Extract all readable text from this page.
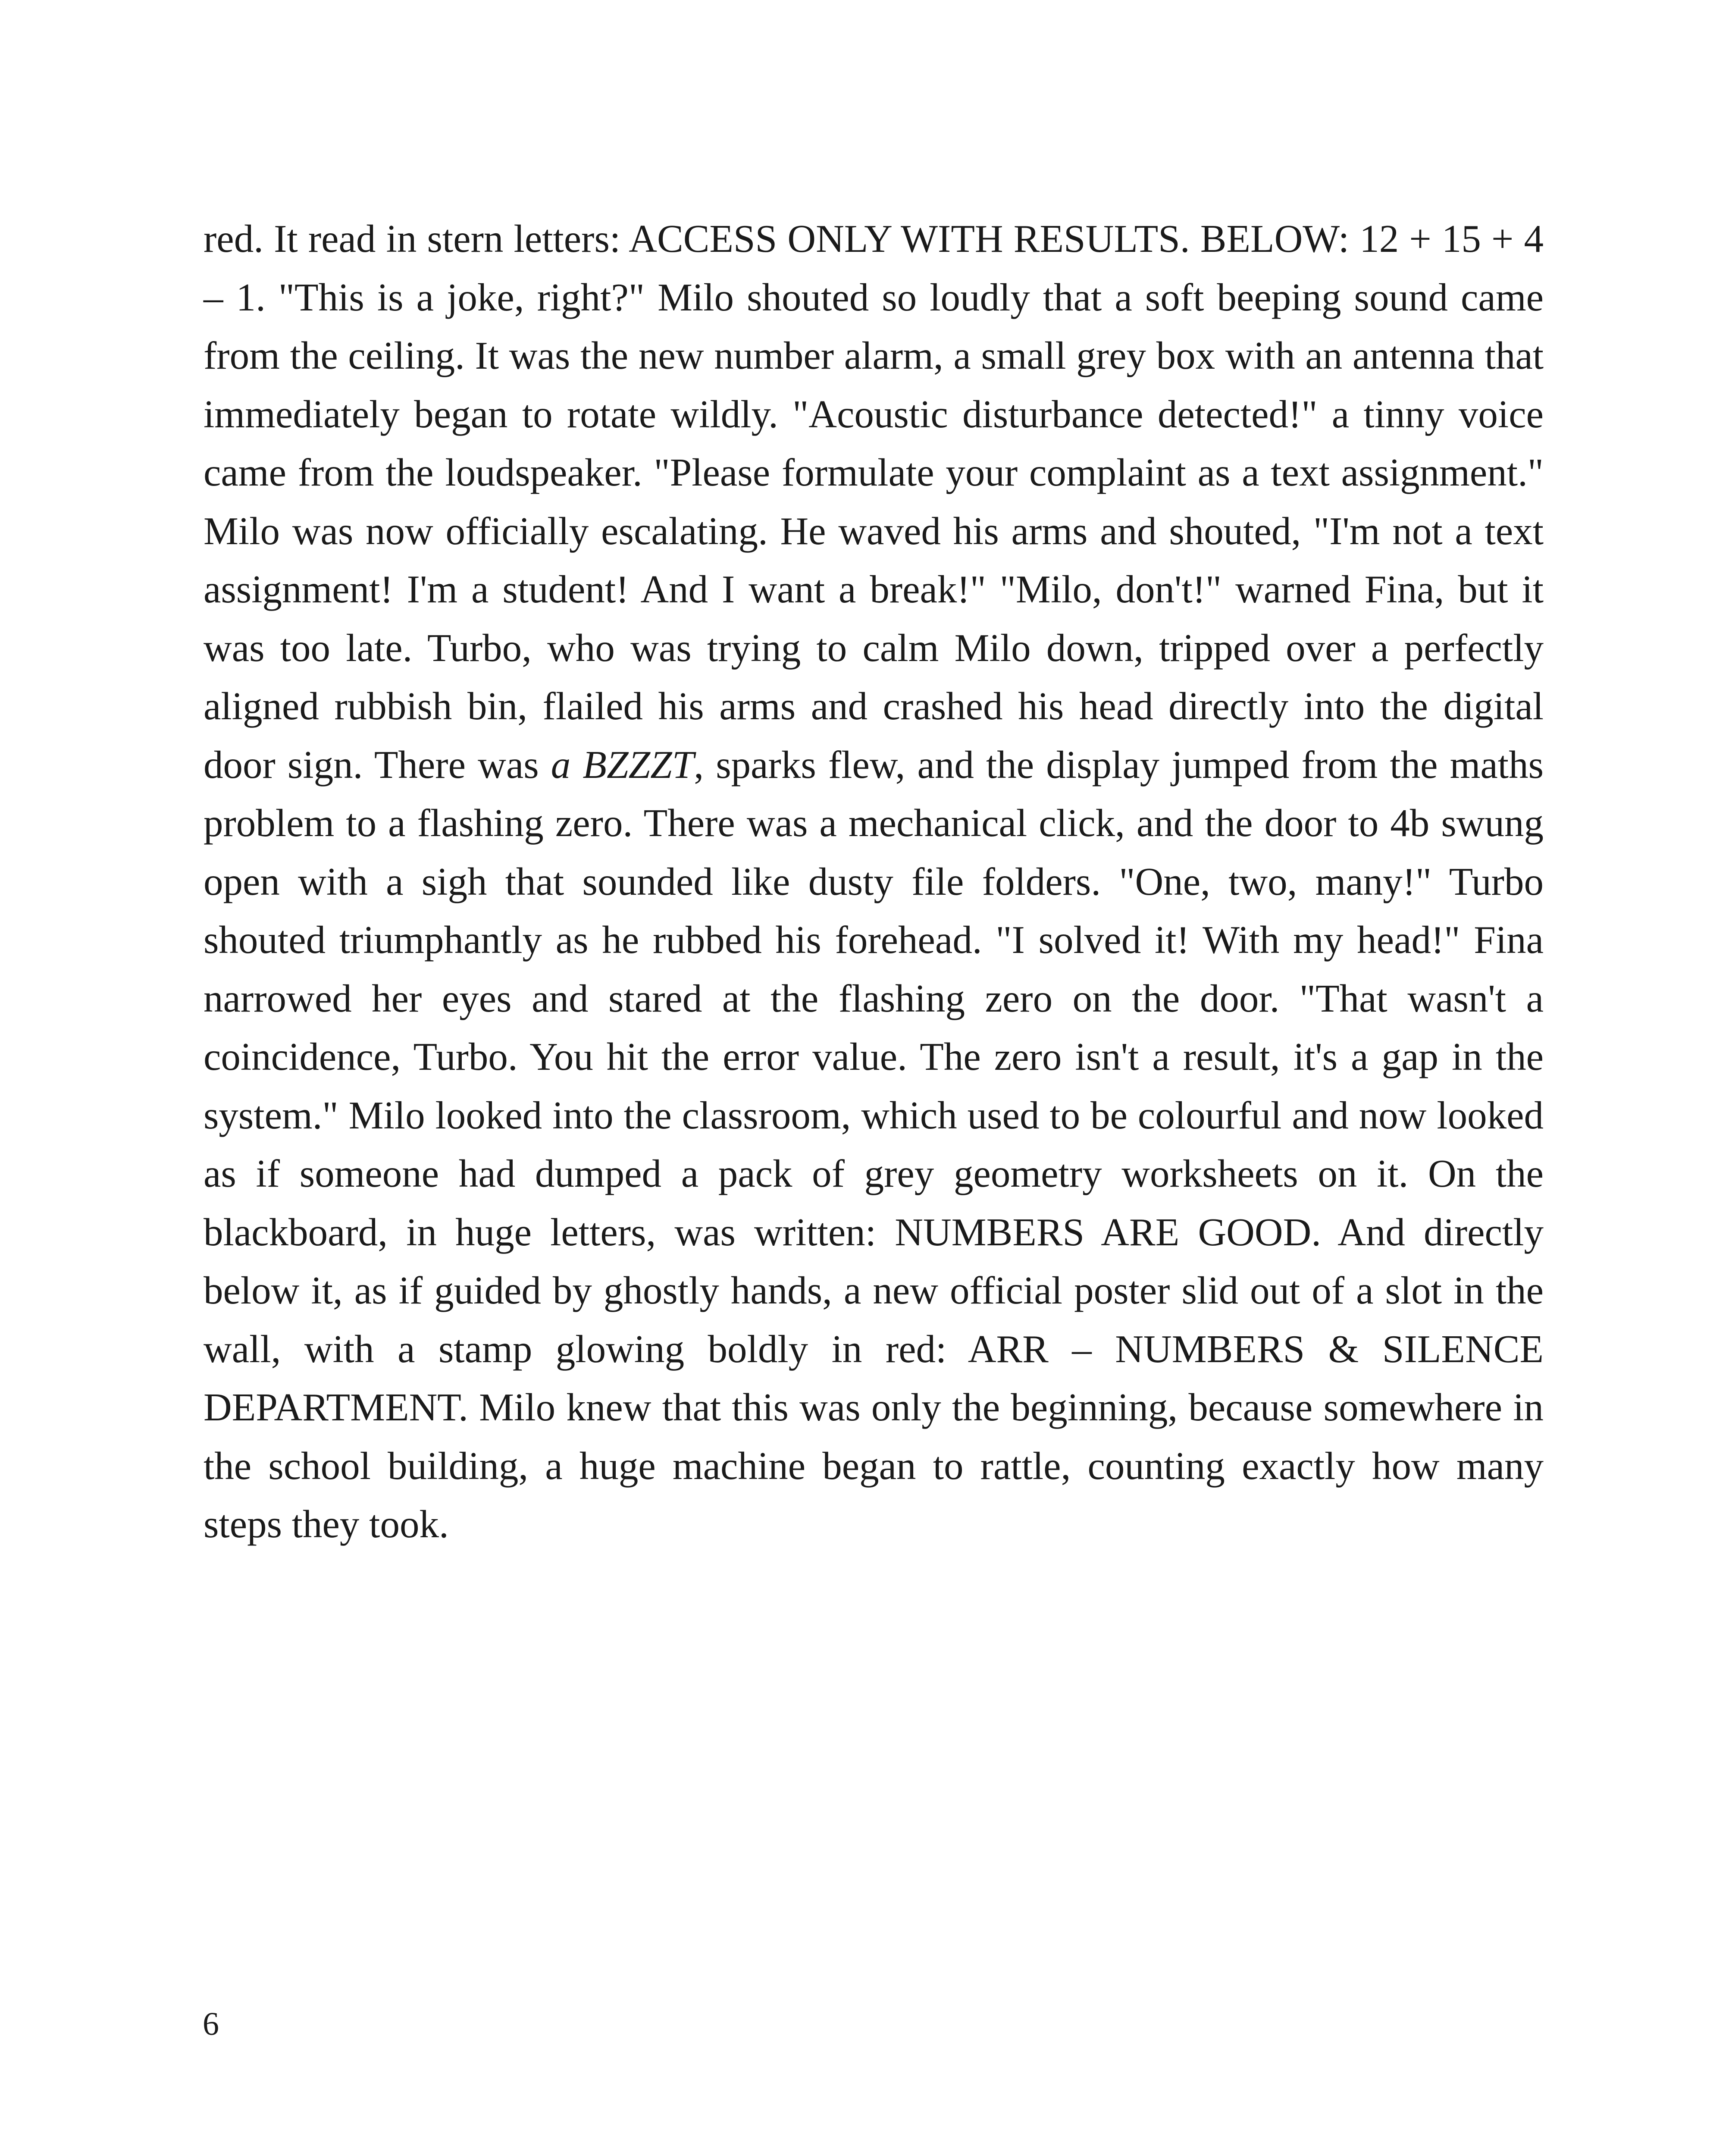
red. It read in stern letters: ACCESS ONLY WITH RESULTS. BELOW: 12 + 15 + 4 – 1. "This is a joke, right?" Milo shouted so loudly that a soft beeping sound came from the ceiling. It was the new number alarm, a small grey box with an antenna that immediately began to rotate wildly. "Acoustic disturbance detected!" a tinny voice came from the loudspeaker. "Please formulate your complaint as a text assignment." Milo was now officially escalating. He waved his arms and shouted, "I'm not a text assignment! I'm a student! And I want a break!" "Milo, don't!" warned Fina, but it was too late. Turbo, who was trying to calm Milo down, tripped over a perfectly aligned rubbish bin, flailed his arms and crashed his head directly into the digital door sign. There was a BZZZT, sparks flew, and the display jumped from the maths problem to a flashing zero. There was a mechanical click, and the door to 4b swung open with a sigh that sounded like dusty file folders. "One, two, many!" Turbo shouted triumphantly as he rubbed his forehead. "I solved it! With my head!" Fina narrowed her eyes and stared at the flashing zero on the door. "That wasn't a coincidence, Turbo. You hit the error value. The zero isn't a result, it's a gap in the system." Milo looked into the classroom, which used to be colourful and now looked as if someone had dumped a pack of grey geometry worksheets on it. On the blackboard, in huge letters, was written: NUMBERS ARE GOOD. And directly below it, as if guided by ghostly hands, a new official poster slid out of a slot in the wall, with a stamp glowing boldly in red: ARR – NUMBERS & SILENCE DEPARTMENT. Milo knew that this was only the beginning, because somewhere in the school building, a huge machine began to rattle, counting exactly how many steps they took.

6
